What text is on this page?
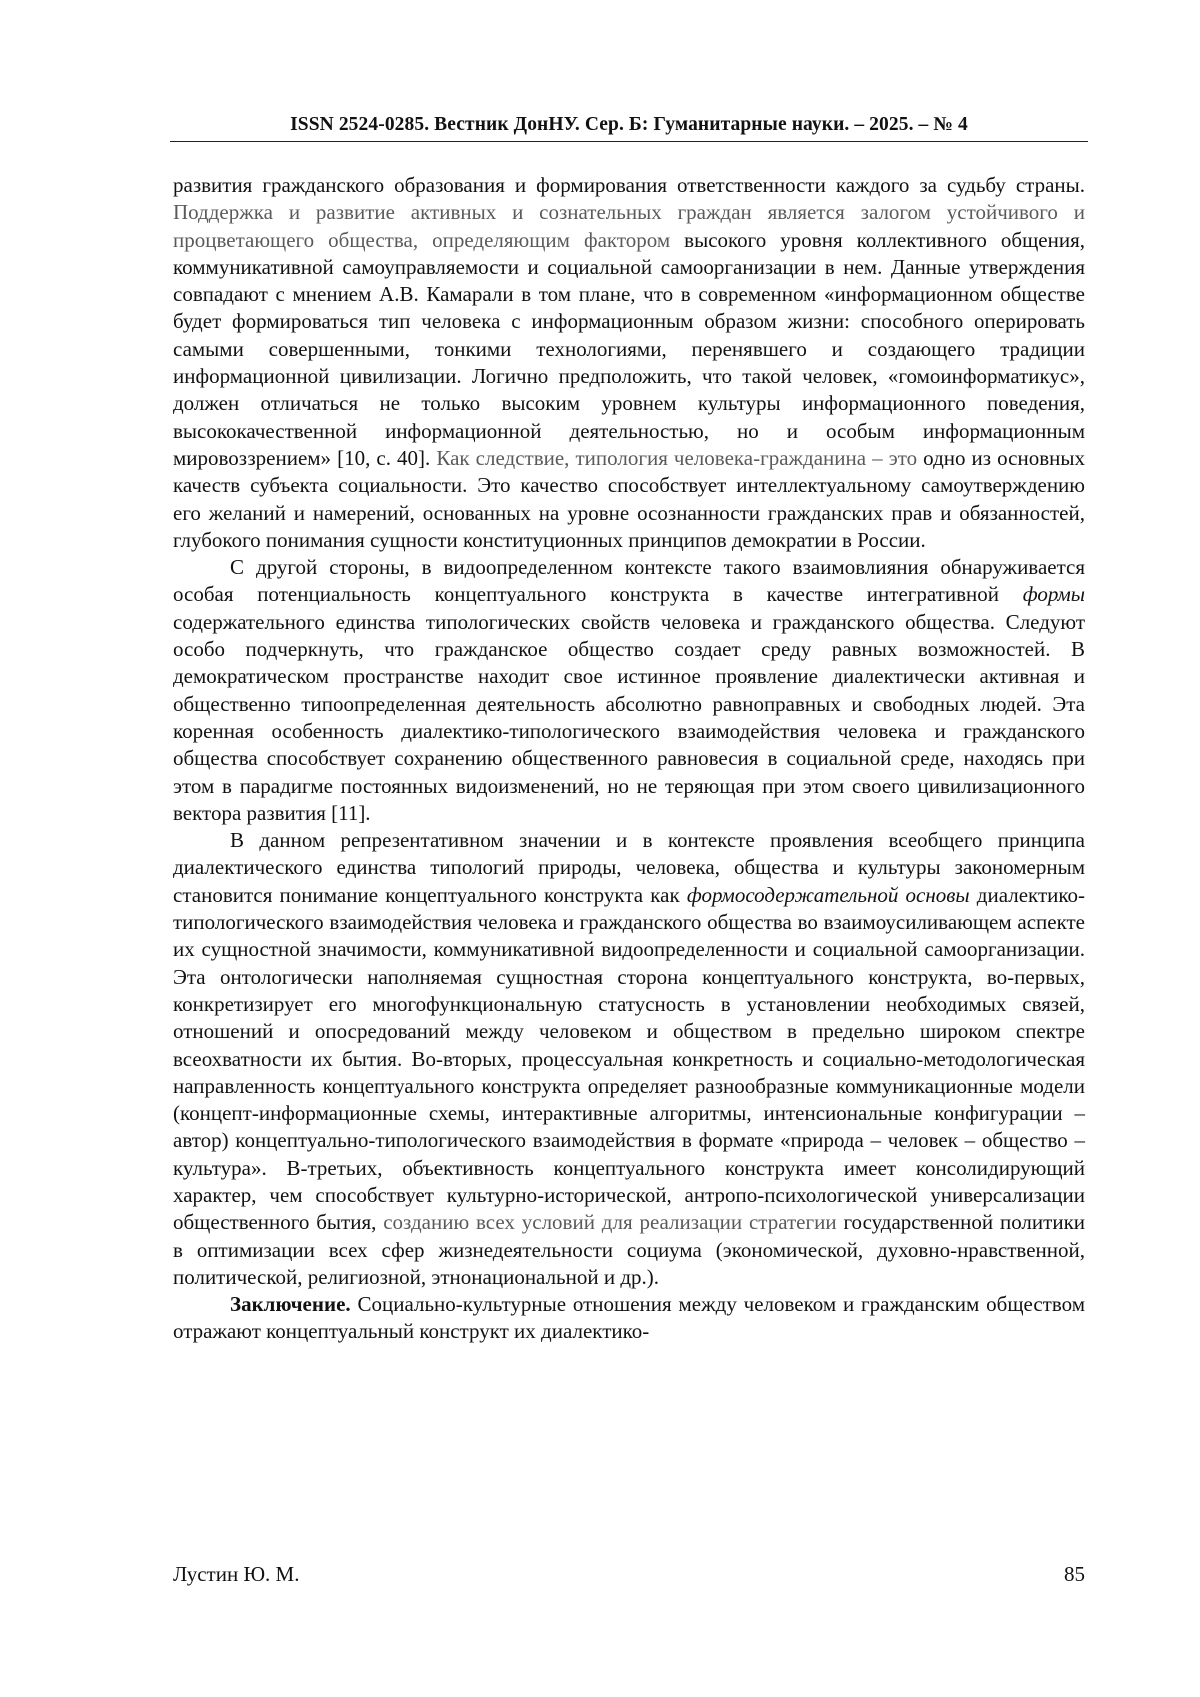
ISSN 2524-0285. Вестник ДонНУ. Сер. Б: Гуманитарные науки. – 2025. – № 4

развития гражданского образования и формирования ответственности каждого за судьбу страны. Поддержка и развитие активных и сознательных граждан является залогом устойчивого и процветающего общества, определяющим фактором высокого уровня коллективного общения, коммуникативной самоуправляемости и социальной самоорганизации в нем. Данные утверждения совпадают с мнением А.В. Камарали в том плане, что в современном «информационном обществе будет формироваться тип человека с информационным образом жизни: способного оперировать самыми совершенными, тонкими технологиями, перенявшего и создающего традиции информационной цивилизации. Логично предположить, что такой человек, «гомоинформатикус», должен отличаться не только высоким уровнем культуры информационного поведения, высококачественной информационной деятельностью, но и особым информационным мировоззрением» [10, с. 40]. Как следствие, типология человека-гражданина – это одно из основных качеств субъекта социальности. Это качество способствует интеллектуальному самоутверждению его желаний и намерений, основанных на уровне осознанности гражданских прав и обязанностей, глубокого понимания сущности конституционных принципов демократии в России.

С другой стороны, в видоопределенном контексте такого взаимовлияния обнаруживается особая потенциальность концептуального конструкта в качестве интегративной формы содержательного единства типологических свойств человека и гражданского общества. Следуют особо подчеркнуть, что гражданское общество создает среду равных возможностей. В демократическом пространстве находит свое истинное проявление диалектически активная и общественно типоопределенная деятельность абсолютно равноправных и свободных людей. Эта коренная особенность диалектико-типологического взаимодействия человека и гражданского общества способствует сохранению общественного равновесия в социальной среде, находясь при этом в парадигме постоянных видоизменений, но не теряющая при этом своего цивилизационного вектора развития [11].

В данном репрезентативном значении и в контексте проявления всеобщего принципа диалектического единства типологий природы, человека, общества и культуры закономерным становится понимание концептуального конструкта как формосодержательной основы диалектико-типологического взаимодействия человека и гражданского общества во взаимоусиливающем аспекте их сущностной значимости, коммуникативной видоопределенности и социальной самоорганизации. Эта онтологически наполняемая сущностная сторона концептуального конструкта, во-первых, конкретизирует его многофункциональную статусность в установлении необходимых связей, отношений и опосредований между человеком и обществом в предельно широком спектре всеохватности их бытия. Во-вторых, процессуальная конкретность и социально-методологическая направленность концептуального конструкта определяет разнообразные коммуникационные модели (концепт-информационные схемы, интерактивные алгоритмы, интенсиональные конфигурации – автор) концептуально-типологического взаимодействия в формате «природа – человек – общество – культура». В-третьих, объективность концептуального конструкта имеет консолидирующий характер, чем способствует культурно-исторической, антропо-психологической универсализации общественного бытия, созданию всех условий для реализации стратегии государственной политики в оптимизации всех сфер жизнедеятельности социума (экономической, духовно-нравственной, политической, религиозной, этнонациональной и др.).

Заключение. Социально-культурные отношения между человеком и гражданским обществом отражают концептуальный конструкт их диалектико-

Лустин Ю. М.	85
